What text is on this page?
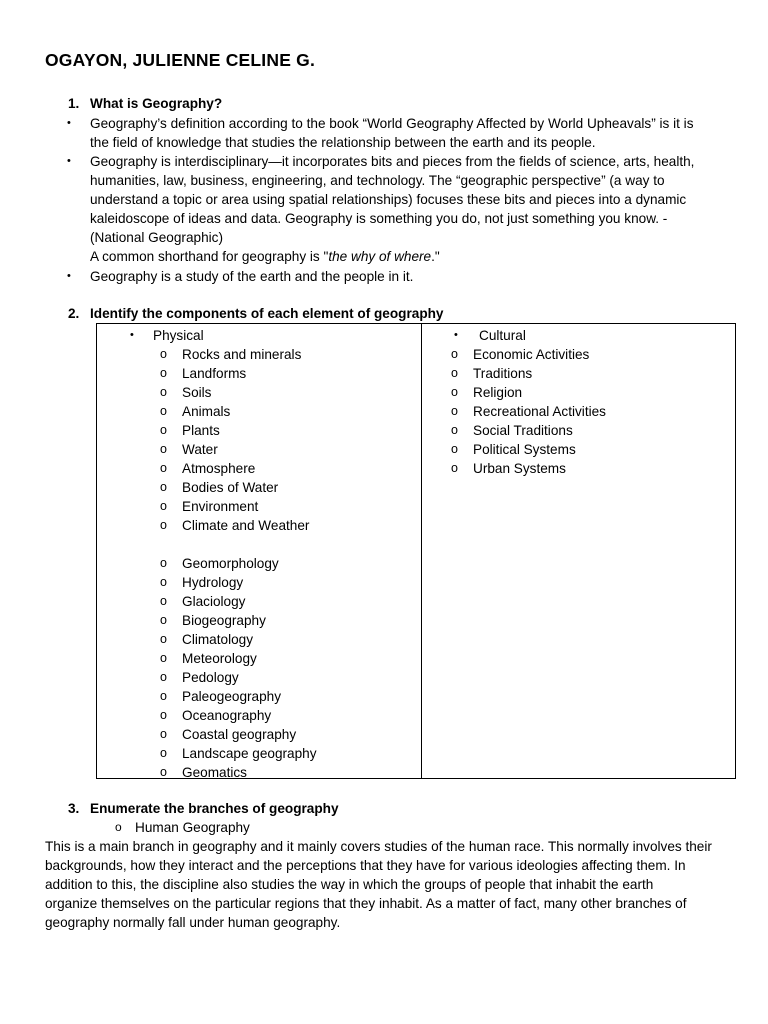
OGAYON, JULIENNE CELINE G.
1. What is Geography?
• Geography’s definition according to the book “World Geography Affected by World Upheavals” is it is
the field of knowledge that studies the relationship between the earth and its people.
• Geography is interdisciplinary—it incorporates bits and pieces from the fields of science, arts, health,
humanities, law, business, engineering, and technology. The “geographic perspective” (a way to
understand a topic or area using spatial relationships) focuses these bits and pieces into a dynamic
kaleidoscope of ideas and data. Geography is something you do, not just something you know. -
(National Geographic)
A common shorthand for geography is "the why of where."
• Geography is a study of the earth and the people in it.
2. Identify the components of each element of geography
• Physical
o Rocks and minerals
o Landforms
o Soils
o Animals
o Plants
o Water
o Atmosphere
o Bodies of Water
o Environment
o Climate and Weather
o Geomorphology
o Hydrology
o Glaciology
o Biogeography
o Climatology
o Meteorology
o Pedology
o Paleogeography
o Oceanography
o Coastal geography
o Landscape geography
o Geomatics
• Cultural
o Economic Activities
o Traditions
o Religion
o Recreational Activities
o Social Traditions
o Political Systems
o Urban Systems
3. Enumerate the branches of geography
o Human Geography
This is a main branch in geography and it mainly covers studies of the human race. This normally involves their
backgrounds, how they interact and the perceptions that they have for various ideologies affecting them. In
addition to this, the discipline also studies the way in which the groups of people that inhabit the earth
organize themselves on the particular regions that they inhabit. As a matter of fact, many other branches of
geography normally fall under human geography.
